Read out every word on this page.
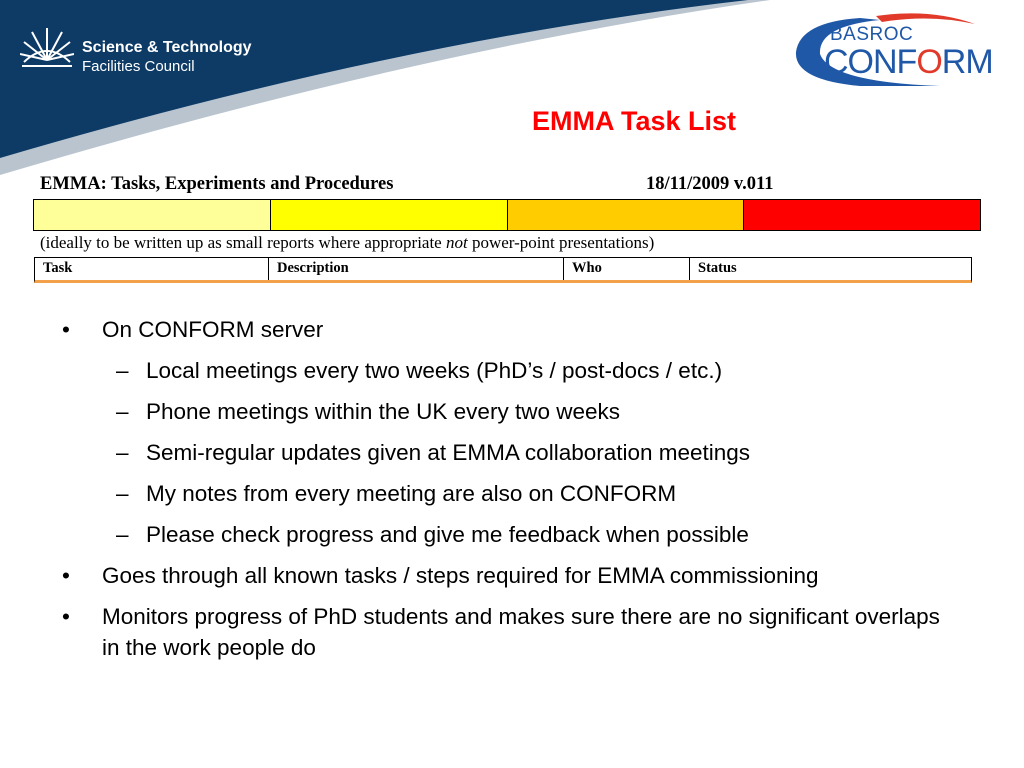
Science & Technology
Facilities Council
BASROC
CONFORM
EMMA Task List
EMMA: Tasks, Experiments and Procedures	18/11/2009 v.011
(ideally to be written up as small reports where appropriate not power-point presentations)
Task	Description	Who	Status
•	On CONFORM server
– Local meetings every two weeks (PhD’s / post-docs / etc.)
– Phone meetings within the UK every two weeks
– Semi-regular updates given at EMMA collaboration meetings
– My notes from every meeting are also on CONFORM
– Please check progress and give me feedback when possible
•	Goes through all known tasks / steps required for EMMA commissioning
•	Monitors progress of PhD students and makes sure there are no significant overlaps in the work people do
